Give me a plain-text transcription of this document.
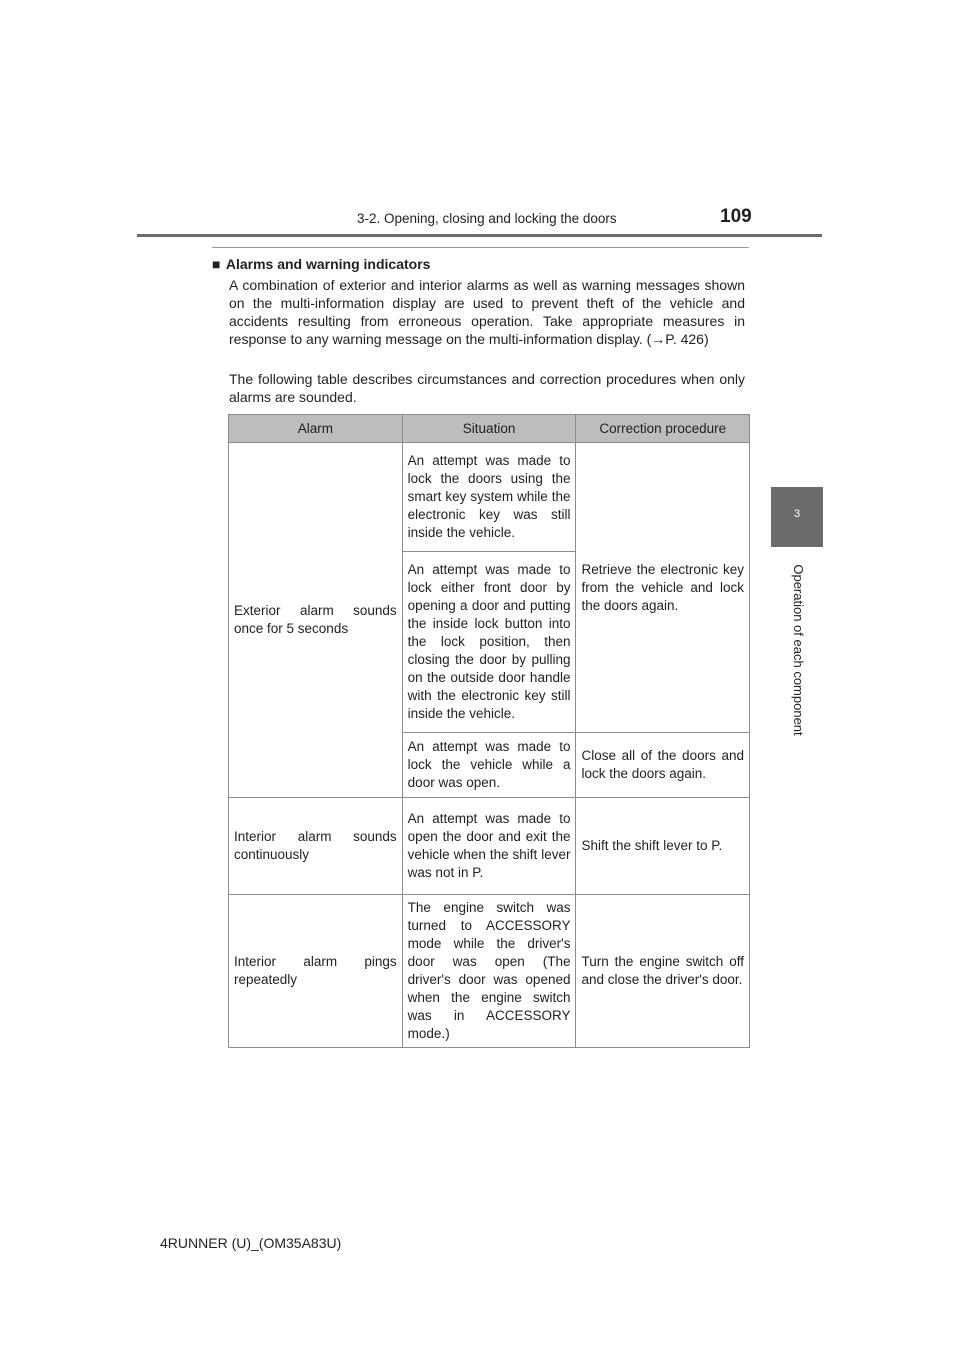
3-2. Opening, closing and locking the doors	109
3
Operation of each component
■ Alarms and warning indicators
A combination of exterior and interior alarms as well as warning messages shown on the multi-information display are used to prevent theft of the vehicle and accidents resulting from erroneous operation. Take appropriate measures in response to any warning message on the multi-information display. (→P. 426)
The following table describes circumstances and correction procedures when only alarms are sounded.
Alarm	Situation	Correction procedure
Exterior alarm sounds once for 5 seconds	An attempt was made to lock the doors using the smart key system while the electronic key was still inside the vehicle.	Retrieve the electronic key from the vehicle and lock the doors again.
	An attempt was made to lock either front door by opening a door and putting the inside lock button into the lock position, then closing the door by pulling on the outside door handle with the electronic key still inside the vehicle.	
	An attempt was made to lock the vehicle while a door was open.	Close all of the doors and lock the doors again.
Interior alarm sounds continuously	An attempt was made to open the door and exit the vehicle when the shift lever was not in P.	Shift the shift lever to P.
Interior alarm pings repeatedly	The engine switch was turned to ACCESSORY mode while the driver's door was open (The driver's door was opened when the engine switch was in ACCESSORY mode.)	Turn the engine switch off and close the driver's door.
4RUNNER (U)_(OM35A83U)
